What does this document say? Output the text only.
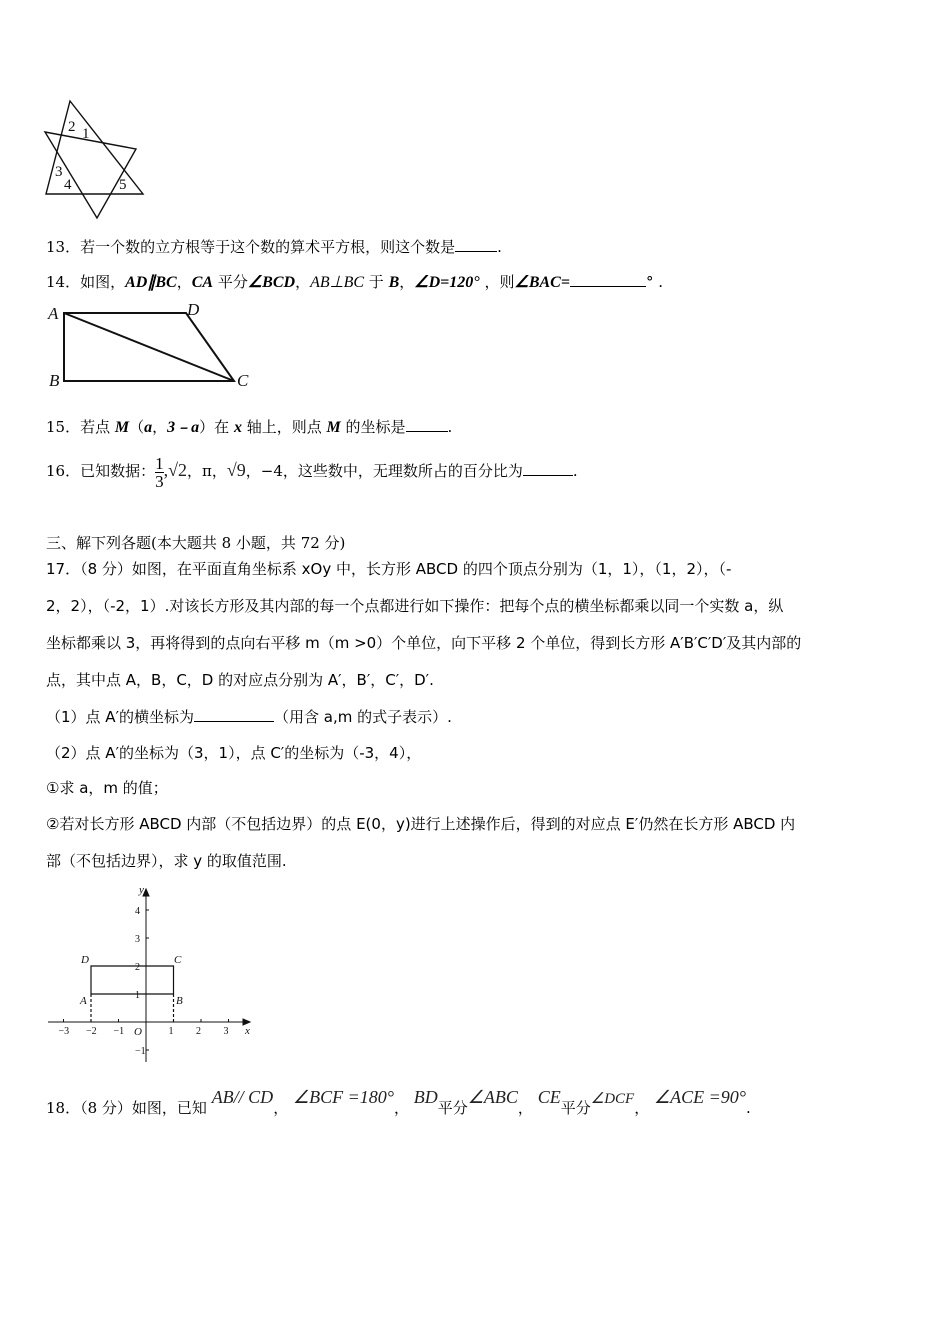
2 1
3
4	5
13．若一个数的立方根等于这个数的算术平方根，则这个数是	.
14．如图，AD∥BC，CA 平分∠BCD，AB⊥BC 于 B，∠D=120° ，则∠BAC=	° .
A	D
B	C
15．若点 M（a，3﹣a）在 x 轴上，则点 M 的坐标是	.
16．已知数据：$\frac{1}{3} ,√2$，π，√9，−4，这些数中，无理数所占的百分比为	.
三、解下列各题(本大题共 8 小题，共 72 分)
17．（8 分）如图，在平面直角坐标系 xOy 中，长方形 ABCD 的四个顶点分别为（1，1），（1，2），（-
2，2），（-2，1）.对该长方形及其内部的每一个点都进行如下操作：把每个点的横坐标都乘以同一个实数 a，纵
坐标都乘以 3，再将得到的点向右平移 m（m >0）个单位，向下平移 2 个单位，得到长方形 A′B′C′D′及其内部的
点，其中点 A，B，C，D 的对应点分别为 A′，B′，C′，D′.
（1）点 A′的横坐标为	（用含 a,m 的式子表示）.
（2）点 A′的坐标为（3，1），点 C′的坐标为（-3，4），
①求 a，m 的值；
②若对长方形 ABCD 内部（不包括边界）的点 E(0，y)进行上述操作后，得到的对应点 E′仍然在长方形 ABCD 内
部（不包括边界），求 y 的取值范围.
−3 −2 −1	1 2 3
4
3
2
1
−1
y
x
O
D	C
A	B
18．（8 分）如图，已知 AB// CD， ∠BCF =180°， BD平分∠ABC， CE平分∠DCF， ∠ACE =90°.
